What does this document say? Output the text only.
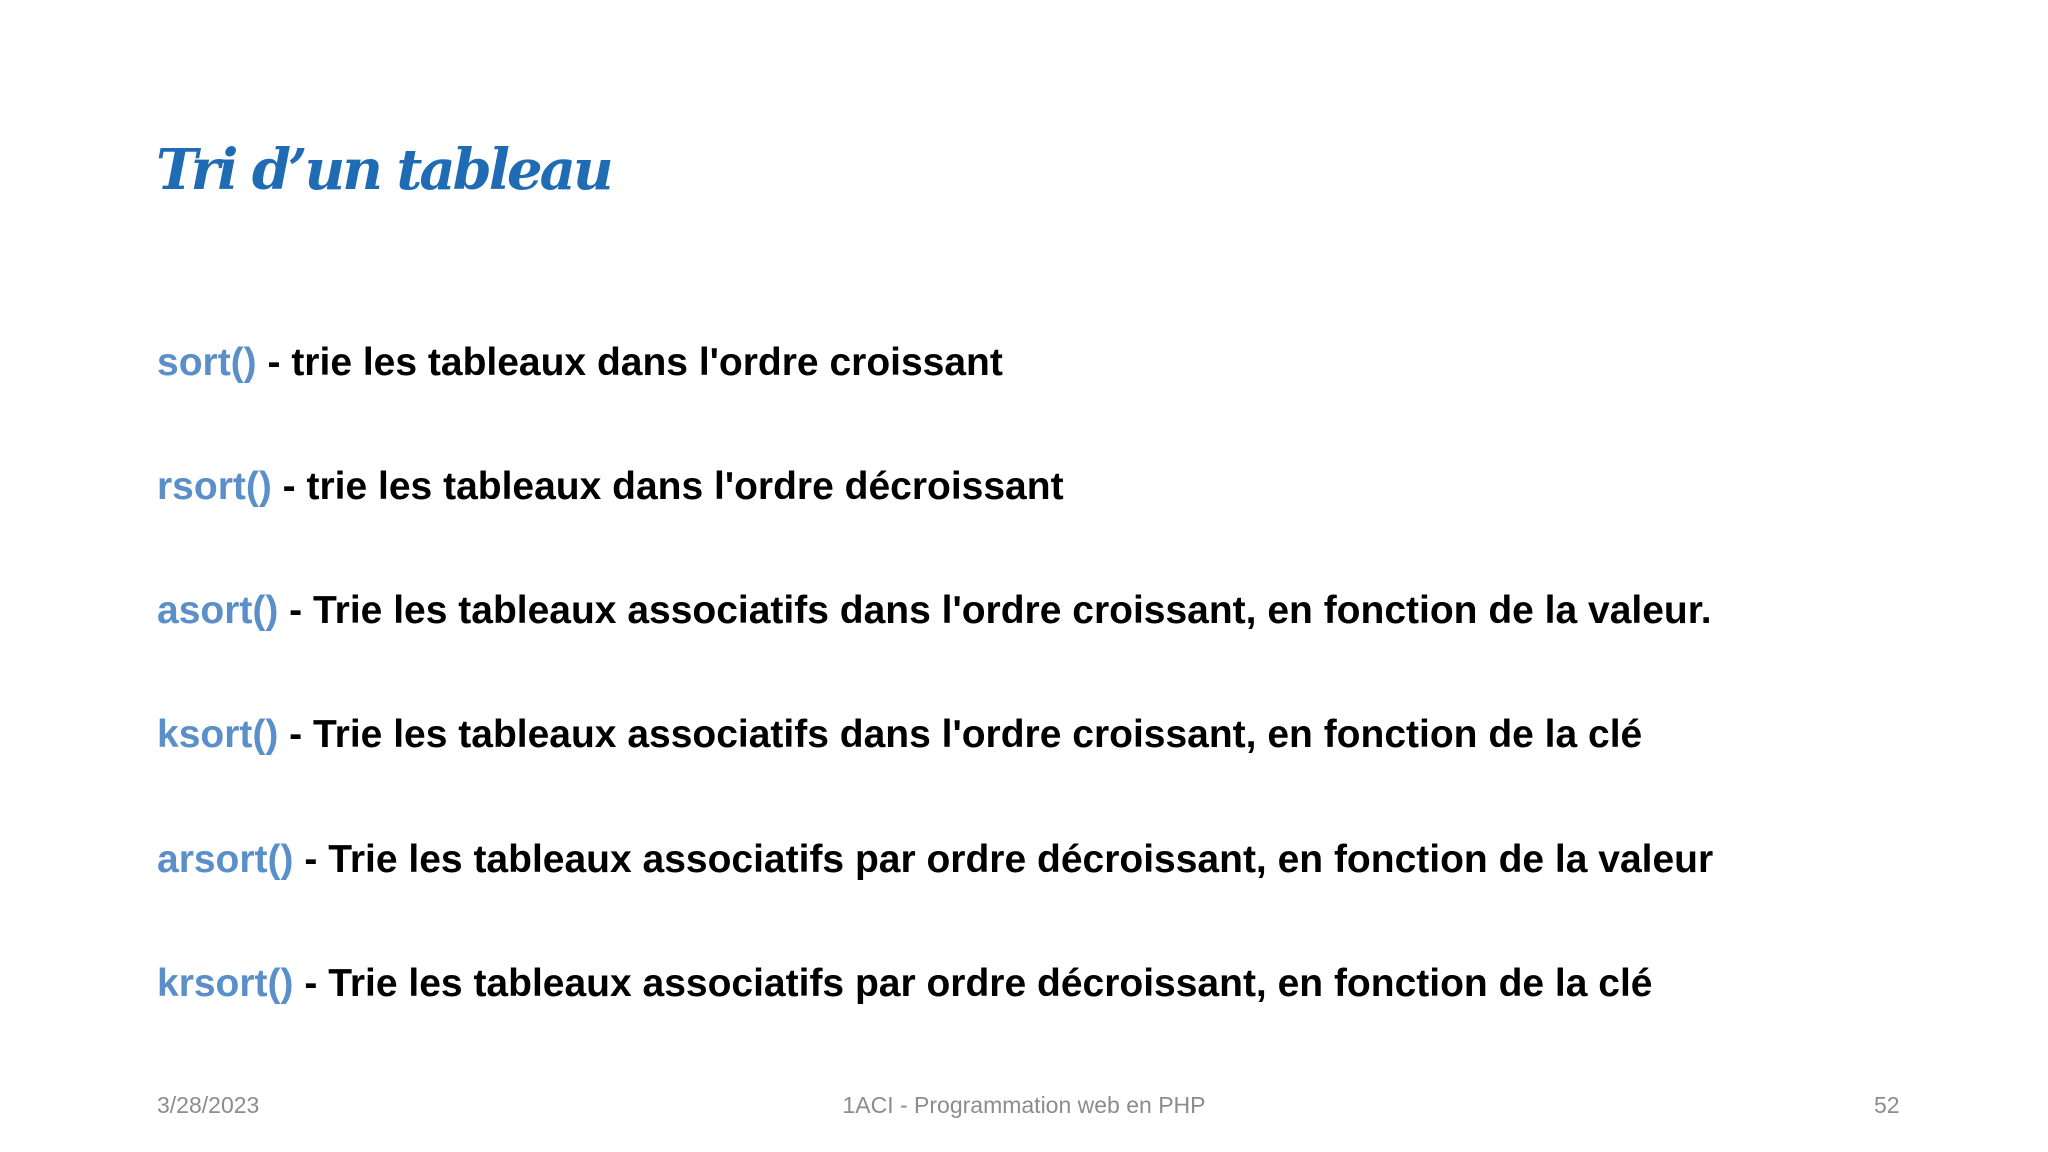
Tri d’un tableau
sort() - trie les tableaux dans l'ordre croissant
rsort() - trie les tableaux dans l'ordre décroissant
asort() - Trie les tableaux associatifs dans l'ordre croissant, en fonction de la valeur.
ksort() - Trie les tableaux associatifs dans l'ordre croissant, en fonction de la clé
arsort() - Trie les tableaux associatifs par ordre décroissant, en fonction de la valeur
krsort() - Trie les tableaux associatifs par ordre décroissant, en fonction de la clé
3/28/2023	1ACI - Programmation web en PHP	52
